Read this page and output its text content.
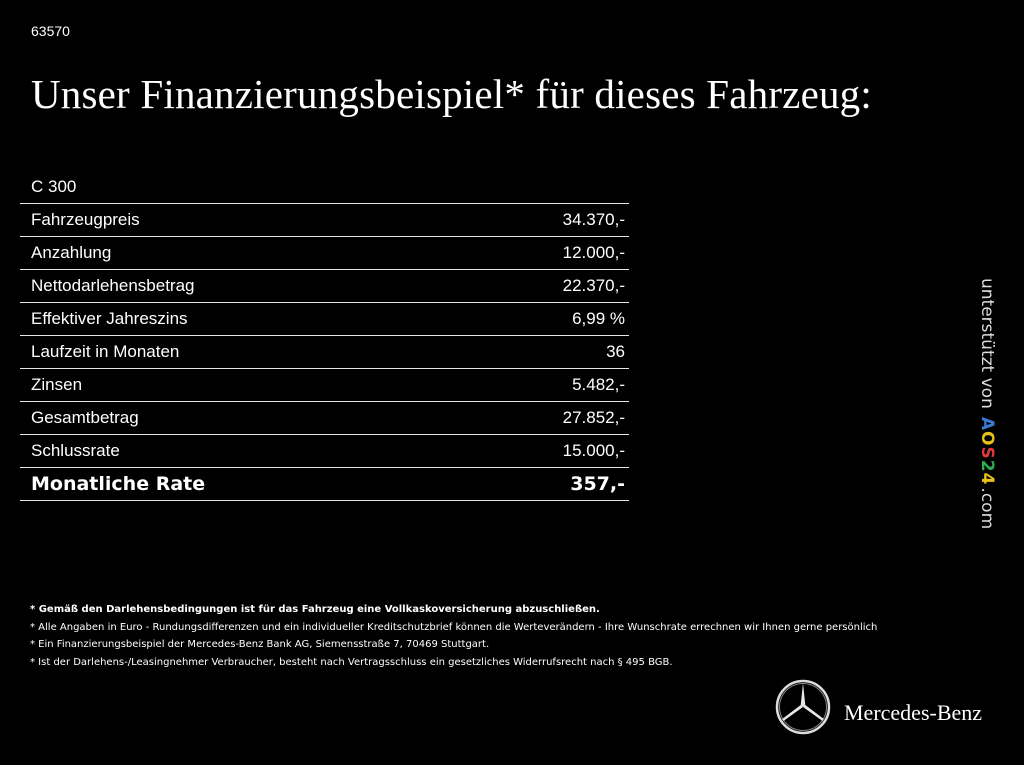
63570
Unser Finanzierungsbeispiel* für dieses Fahrzeug:
C 300
Fahrzeugpreis	34.370,-
Anzahlung	12.000,-
Nettodarlehensbetrag	22.370,-
Effektiver Jahreszins	6,99 %
Laufzeit in Monaten	36
Zinsen	5.482,-
Gesamtbetrag	27.852,-
Schlussrate	15.000,-
Monatliche Rate	357,-
unterstützt vonAOS24.com
* Gemäß den Darlehensbedingungen ist für das Fahrzeug eine Vollkaskoversicherung abzuschließen.
* Alle Angaben in Euro - Rundungsdifferenzen und ein individueller Kreditschutzbrief können die Werteverändern - Ihre Wunschrate errechnen wir Ihnen gerne persönlich
* Ein Finanzierungsbeispiel der Mercedes-Benz Bank AG, Siemensstraße 7, 70469 Stuttgart.
* Ist der Darlehens-/Leasingnehmer Verbraucher, besteht nach Vertragsschluss ein gesetzliches Widerrufsrecht nach § 495 BGB.
Mercedes-Benz
